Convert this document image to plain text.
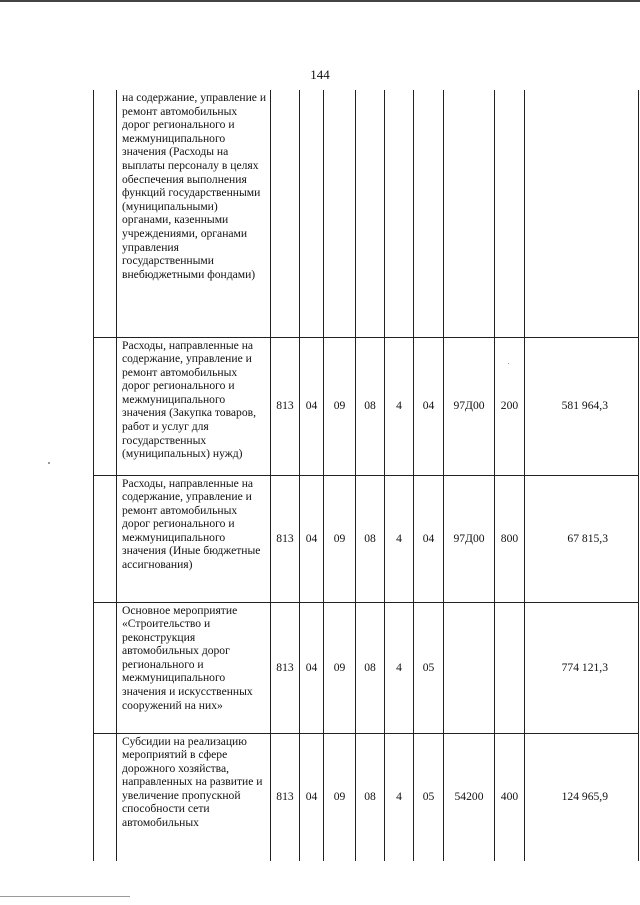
144
	на содержание, управление и ремонт автомобильных дорог регионального и межмуниципального значения (Расходы на выплаты персоналу в целях обеспечения выполнения функций государственными (муниципальными) органами, казенными учреждениями, органами управления государственными внебюджетными фондами)									
	Расходы, направленные на содержание, управление и ремонт автомобильных дорог регионального и межмуниципального значения (Закупка товаров, работ и услуг для государственных (муниципальных) нужд)	813	04	09	08	4	04	97Д00	200	581 964,3
	Расходы, направленные на содержание, управление и ремонт автомобильных дорог регионального и межмуниципального значения (Иные бюджетные ассигнования)	813	04	09	08	4	04	97Д00	800	67 815,3
	Основное мероприятие «Строительство и реконструкция автомобильных дорог регионального и межмуниципального значения и искусственных сооружений на них»	813	04	09	08	4	05			774 121,3
	Субсидии на реализацию мероприятий в сфере дорожного хозяйства, направленных на развитие и увеличение пропускной способности сети автомобильных	813	04	09	08	4	05	54200	400	124 965,9
